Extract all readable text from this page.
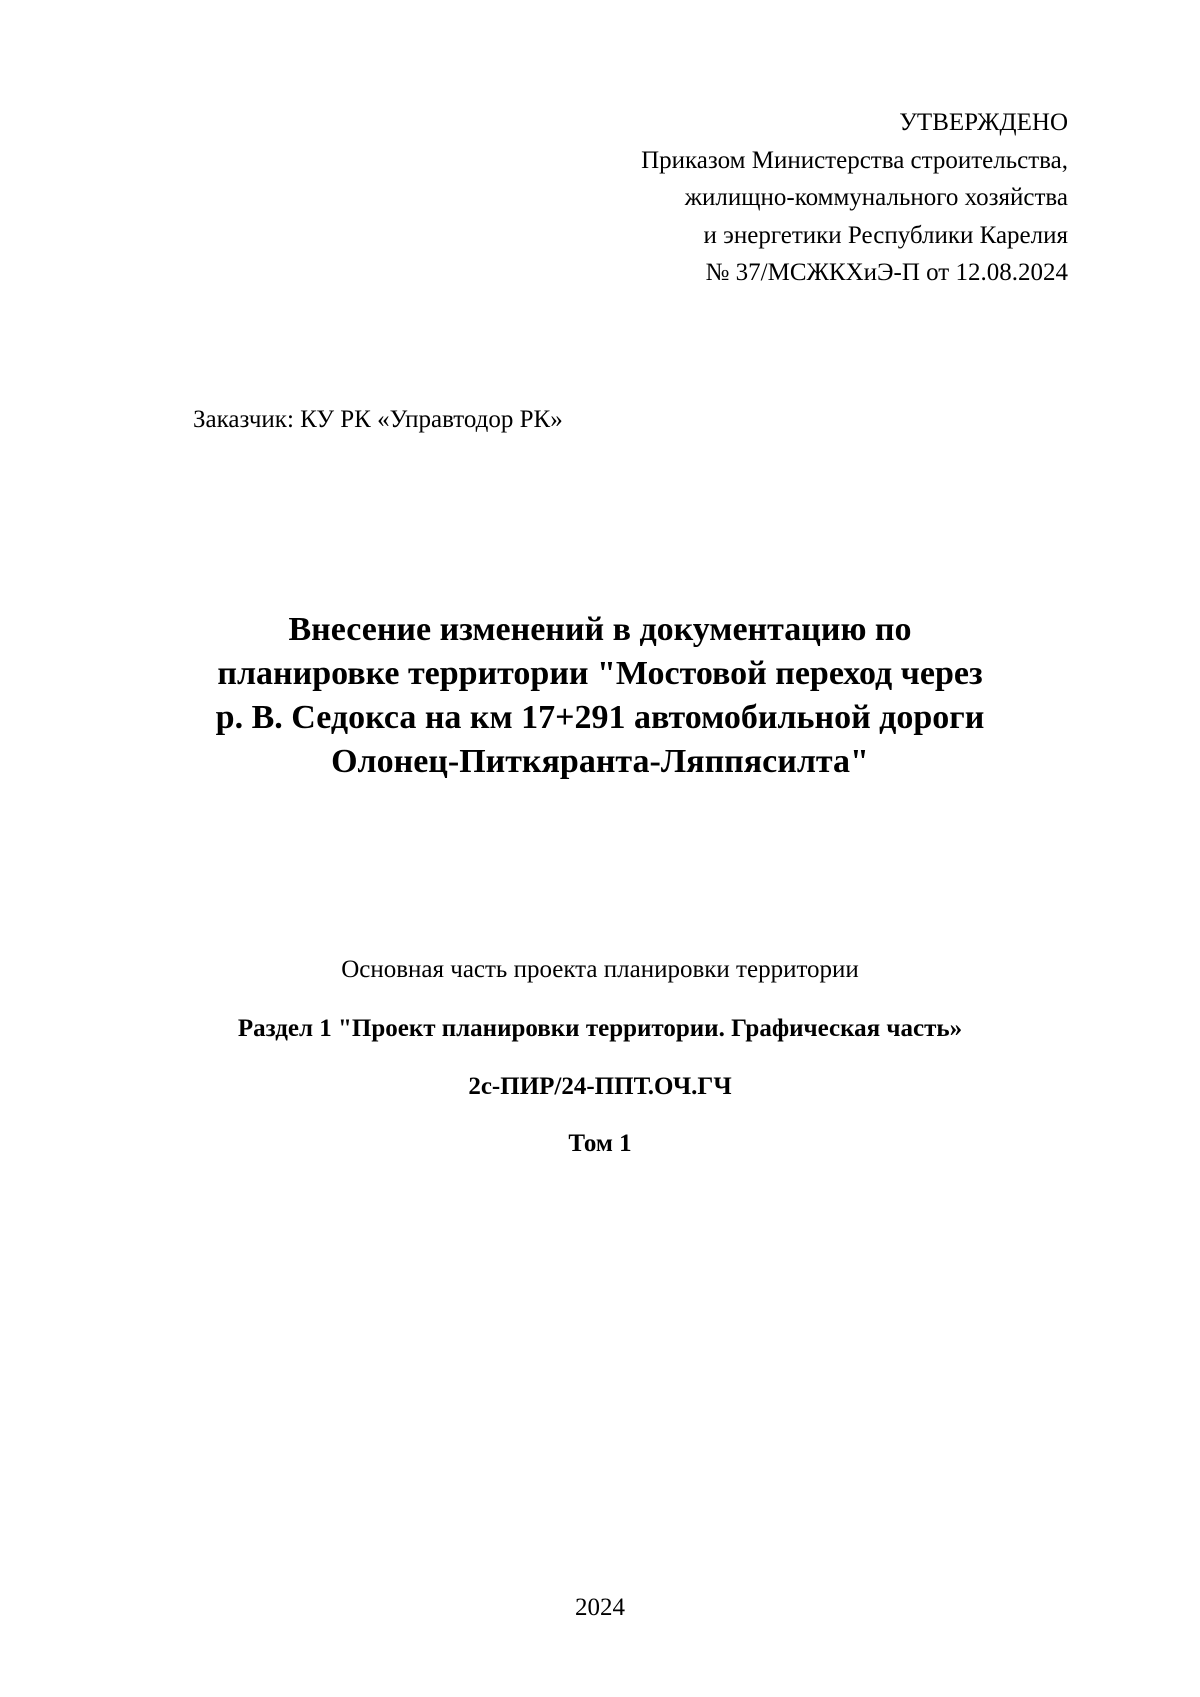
УТВЕРЖДЕНО
Приказом Министерства строительства,
жилищно-коммунального хозяйства
и энергетики Республики Карелия
№ 37/МСЖКХиЭ-П от 12.08.2024
Заказчик: КУ РК «Управтодор РК»
Внесение изменений в документацию по
планировке территории "Мостовой переход через
р. В. Седокса на км 17+291 автомобильной дороги
Олонец-Питкяранта-Ляппясилта"
Основная часть проекта планировки территории
Раздел 1 "Проект планировки территории. Графическая часть»
2с-ПИР/24-ППТ.ОЧ.ГЧ
Том 1
2024
